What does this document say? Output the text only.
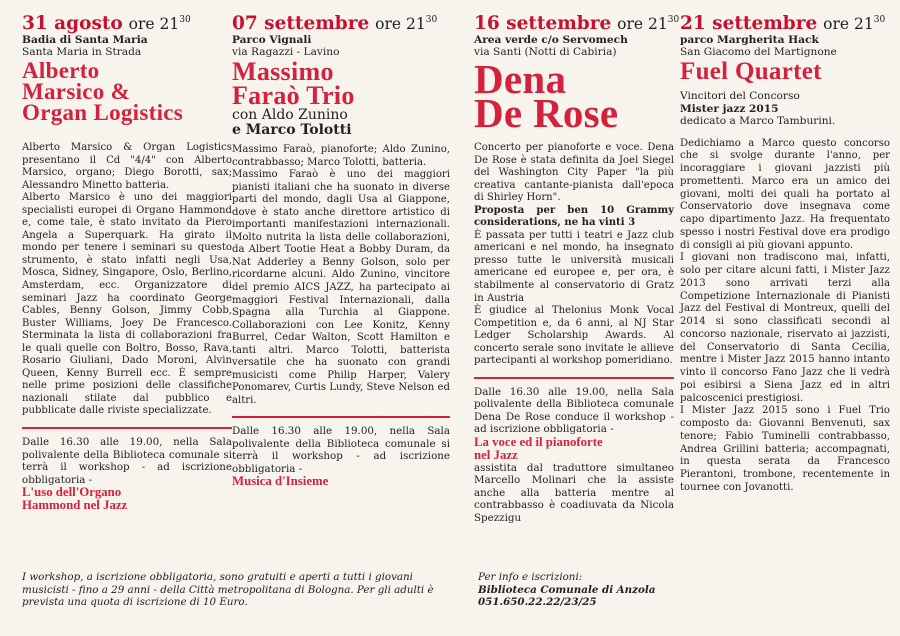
31 agosto ore $21^{30}$
Badia di Santa Maria
Santa Maria in Strada
Alberto
Marsico &
Organ Logistics

Alberto Marsico & Organ Logistics presentano il Cd "4/4" con Alberto Marsico, organo; Diego Borotti, sax; Alessandro Minetto batteria.

Alberto Marsico è uno dei maggiori specialisti europei di Organo Hammond e, come tale, è stato invitato da Piero Angela a Superquark. Ha girato il mondo per tenere i seminari su questo strumento, è stato infatti negli Usa, Mosca, Sidney, Singapore, Oslo, Berlino, Amsterdam, ecc. Organizzatore di seminari Jazz ha coordinato George Cables, Benny Golson, Jimmy Cobb, Buster Williams, Joey De Francesco. Sterminata la lista di collaborazioni fra le quali quelle con Boltro, Bosso, Rava, Rosario Giuliani, Dado Moroni, Alvin Queen, Kenny Burrell ecc. È sempre nelle prime posizioni delle classifiche nazionali stilate dal pubblico e pubblicate dalle riviste specializzate.

Dalle 16.30 alle 19.00, nella Sala polivalente della Biblioteca comunale si terrà il workshop - ad iscrizione obbligatoria -
L'uso dell'Organo
Hammond nel Jazz
07 settembre ore $21^{30}$
Parco Vignali
via Ragazzi - Lavino
Massimo
Faraò Trio
con Aldo Zunino
e Marco Tolotti

Massimo Faraò, pianoforte; Aldo Zunino, contrabbasso; Marco Tolotti, batteria.

Massimo Faraò è uno dei maggiori pianisti italiani che ha suonato in diverse parti del mondo, dagli Usa al Giappone, dove è stato anche direttore artistico di importanti manifestazioni internazionali. Molto nutrita la lista delle collaborazioni, da Albert Tootie Heat a Bobby Duram, da Nat Adderley a Benny Golson, solo per ricordarne alcuni. Aldo Zunino, vincitore del premio AICS JAZZ, ha partecipato ai maggiori Festival Internazionali, dalla Spagna alla Turchia al Giappone. Collaborazioni con Lee Konitz, Kenny Burrel, Cedar Walton, Scott Hamilton e tanti altri. Marco Tolotti, batterista versatile che ha suonato con grandi musicisti come Philip Harper, Valery Ponomarev, Curtis Lundy, Steve Nelson ed altri.

Dalle 16.30 alle 19.00, nella Sala polivalente della Biblioteca comunale si terrà il workshop - ad iscrizione obbligatoria -
Musica d'Insieme
16 settembre ore $21^{30}$
Area verde c/o Servomech
via Santi (Notti di Cabiria)
Dena
De Rose

Concerto per pianoforte e voce. Dena De Rose è stata definita da Joel Siegel del Washington City Paper "la più creativa cantante-pianista dall'epoca di Shirley Horn".

Proposta per ben 10 Grammy considerations, ne ha vinti 3

È passata per tutti i teatri e Jazz club americani e nel mondo, ha insegnato presso tutte le università musicali americane ed europee e, per ora, è stabilmente al conservatorio di Gratz in Austria

È giudice al Thelonius Monk Vocal Competition e, da 6 anni, al NJ Star Ledger Scholarship Awards. Al concerto serale sono invitate le allieve partecipanti al workshop pomeridiano.

Dalle 16.30 alle 19.00, nella Sala polivalente della Biblioteca comunale Dena De Rose conduce il workshop - ad iscrizione obbligatoria -
La voce ed il pianoforte
nel Jazz
assistita dal traduttore simultaneo Marcello Molinari che la assiste anche alla batteria mentre al contrabbasso è coadiuvata da Nicola Spezzigu
21 settembre ore $21^{30}$
parco Margherita Hack
San Giacomo del Martignone
Fuel Quartet
Vincitori del Concorso
Mister jazz 2015
dedicato a Marco Tamburini.

Dedichiamo a Marco questo concorso che si svolge durante l'anno, per incoraggiare i giovani jazzisti più promettenti. Marco era un amico dei giovani, molti dei quali ha portato al Conservatorio dove insegnava come capo dipartimento Jazz. Ha frequentato spesso i nostri Festival dove era prodigo di consigli ai più giovani appunto.

I giovani non tradiscono mai, infatti, solo per citare alcuni fatti, i Mister Jazz 2013 sono arrivati terzi alla Competizione Internazionale di Pianisti Jazz del Festival di Montreux, quelli del 2014 si sono classificati secondi al concorso nazionale, riservato ai jazzisti, del Conservatorio di Santa Cecilia, mentre i Mister Jazz 2015 hanno intanto vinto il concorso Fano Jazz che li vedrà poi esibirsi a Siena Jazz ed in altri palcoscenici prestigiosi.

I Mister Jazz 2015 sono i Fuel Trio composto da: Giovanni Benvenuti, sax tenore; Fabio Tuminelli contrabbasso, Andrea Grillini batteria; accompagnati, in questa serata da Francesco Pierantoni, trombone, recentemente in tournee con Jovanotti.

I workshop, a iscrizione obbligatoria, sono gratuiti e aperti a tutti i giovani musicisti - fino a 29 anni - della Città metropolitana di Bologna. Per gli adulti è prevista una quota di iscrizione di 10 Euro.
Per info e iscrizioni:
Biblioteca Comunale di Anzola
051.650.22.22/23/25
